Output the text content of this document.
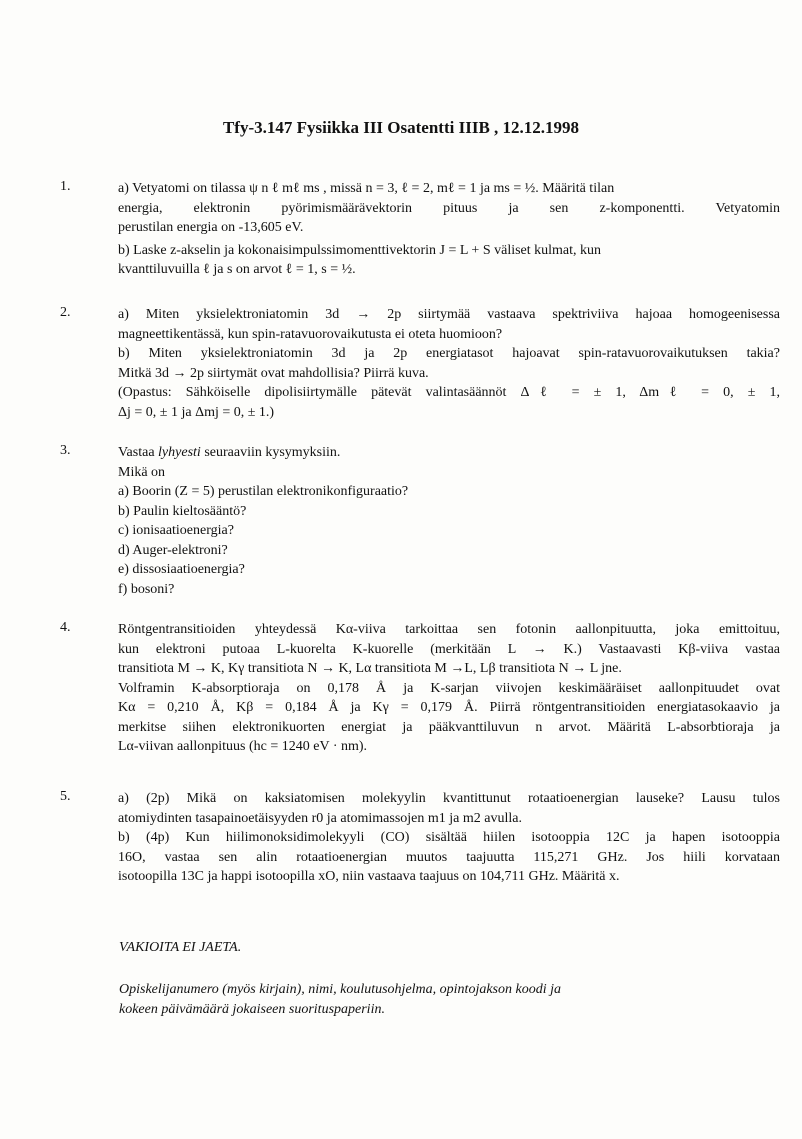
Tfy-3.147 Fysiikka III Osatentti IIIB , 12.12.1998
1.	a) Vetyatomi on tilassa ψ n ℓ mℓ ms , missä n = 3, ℓ = 2, mℓ = 1 ja ms = ½. Määritä tilan
energia, elektronin pyörimismäärävektorin pituus ja sen z-komponentti. Vetyatomin
perustilan energia on -13,605 eV.
b) Laske z-akselin ja kokonaisimpulssimomenttivektorin J = L + S väliset kulmat, kun
kvanttiluvuilla ℓ ja s on arvot ℓ = 1, s = ½.
2.	a) Miten yksielektroniatomin 3d → 2p siirtymää vastaava spektriviiva hajoaa homogeenisessa
magneettikentässä, kun spin-ratavuorovaikutusta ei oteta huomioon?
b) Miten yksielektroniatomin 3d ja 2p energiatasot hajoavat spin-ratavuorovaikutuksen takia?
Mitkä 3d → 2p siirtymät ovat mahdollisia? Piirrä kuva.
(Opastus: Sähköiselle dipolisiirtymälle pätevät valintasäännöt Δℓ = ± 1, Δmℓ = 0, ± 1,
Δj = 0, ± 1 ja Δmj = 0, ± 1.)
3.	Vastaa lyhyesti seuraaviin kysymyksiin.
Mikä on
a) Boorin (Z = 5) perustilan elektronikonfiguraatio?
b) Paulin kieltosääntö?
c) ionisaatioenergia?
d) Auger-elektroni?
e) dissosiaatioenergia?
f) bosoni?
4.	Röntgentransitioiden yhteydessä Kα-viiva tarkoittaa sen fotonin aallonpituutta, joka emittoituu,
kun elektroni putoaa L-kuorelta K-kuorelle (merkitään L → K.) Vastaavasti Kβ-viiva vastaa
transitiota M → K, Kγ transitiota N → K, Lα transitiota M →L, Lβ transitiota N → L jne.
Volframin K-absorptioraja on 0,178 Å ja K-sarjan viivojen keskimääräiset aallonpituudet ovat
Kα = 0,210 Å, Kβ = 0,184 Å ja Kγ = 0,179 Å. Piirrä röntgentransitioiden energiatasokaavio ja
merkitse siihen elektronikuorten energiat ja pääkvanttiluvun n arvot. Määritä L-absorbtioraja ja
Lα-viivan aallonpituus (hc = 1240 eV · nm).
5.	a) (2p) Mikä on kaksiatomisen molekyylin kvantittunut rotaatioenergian lauseke? Lausu tulos
atomiydinten tasapainoetäisyyden r0 ja atomimassojen m1 ja m2 avulla.
b) (4p) Kun hiilimonoksidimolekyyli (CO) sisältää hiilen isotooppia 12C ja hapen isotooppia
16O, vastaa sen alin rotaatioenergian muutos taajuutta 115,271 GHz. Jos hiili korvataan
isotoopilla 13C ja happi isotoopilla xO, niin vastaava taajuus on 104,711 GHz. Määritä x.
VAKIOITA EI JAETA.
Opiskelijanumero (myös kirjain), nimi, koulutusohjelma, opintojakson koodi ja
kokeen päivämäärä jokaiseen suorituspaperiin.
